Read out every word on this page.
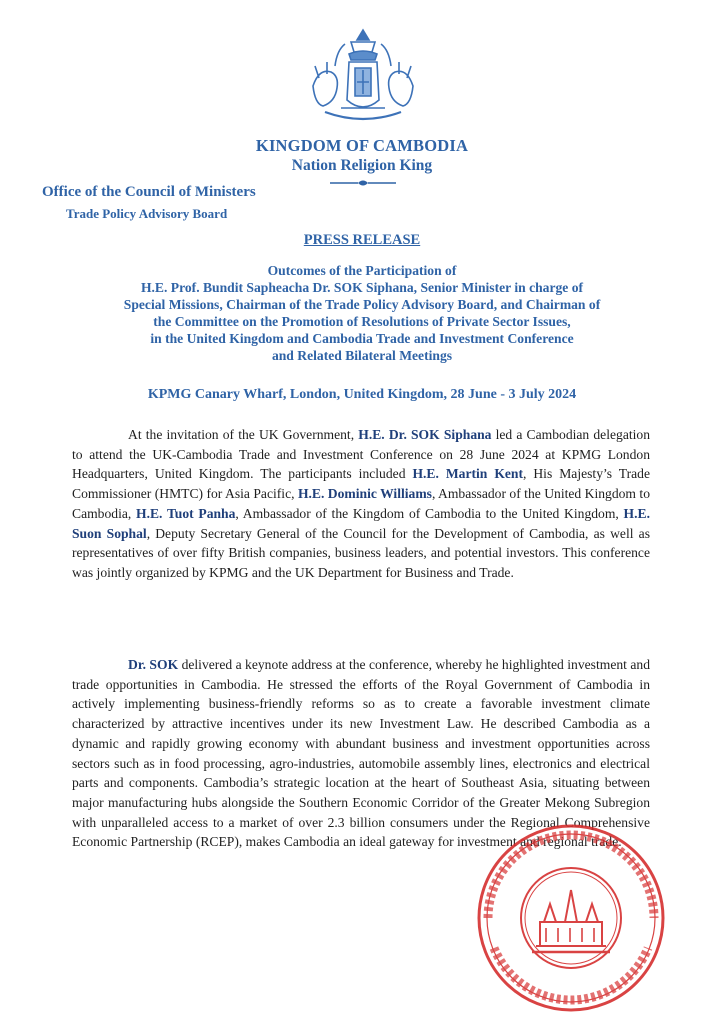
KINGDOM OF CAMBODIA
Nation Religion King
Office of the Council of Ministers
Trade Policy Advisory Board
PRESS RELEASE
Outcomes of the Participation of
H.E. Prof. Bundit Sapheacha Dr. SOK Siphana, Senior Minister in charge of
Special Missions, Chairman of the Trade Policy Advisory Board, and Chairman of
the Committee on the Promotion of Resolutions of Private Sector Issues,
in the United Kingdom and Cambodia Trade and Investment Conference
and Related Bilateral Meetings
KPMG Canary Wharf, London, United Kingdom, 28 June - 3 July 2024

At the invitation of the UK Government, H.E. Dr. SOK Siphana led a Cambodian delegation to attend the UK-Cambodia Trade and Investment Conference on 28 June 2024 at KPMG London Headquarters, United Kingdom. The participants included H.E. Martin Kent, His Majesty’s Trade Commissioner (HMTC) for Asia Pacific, H.E. Dominic Williams, Ambassador of the United Kingdom to Cambodia, H.E. Tuot Panha, Ambassador of the Kingdom of Cambodia to the United Kingdom, H.E. Suon Sophal, Deputy Secretary General of the Council for the Development of Cambodia, as well as representatives of over fifty British companies, business leaders, and potential investors. This conference was jointly organized by KPMG and the UK Department for Business and Trade.

Dr. SOK delivered a keynote address at the conference, whereby he highlighted investment and trade opportunities in Cambodia. He stressed the efforts of the Royal Government of Cambodia in actively implementing business-friendly reforms so as to create a favorable investment climate characterized by attractive incentives under its new Investment Law. He described Cambodia as a dynamic and rapidly growing economy with abundant business and investment opportunities across sectors such as in food processing, agro-industries, automobile assembly lines, electronics and electrical parts and components. Cambodia’s strategic location at the heart of Southeast Asia, situating between major manufacturing hubs alongside the Southern Economic Corridor of the Greater Mekong Subregion with unparalleled access to a market of over 2.3 billion consumers under the Regional Comprehensive Economic Partnership (RCEP), makes Cambodia an ideal gateway for investment and regional trade.
